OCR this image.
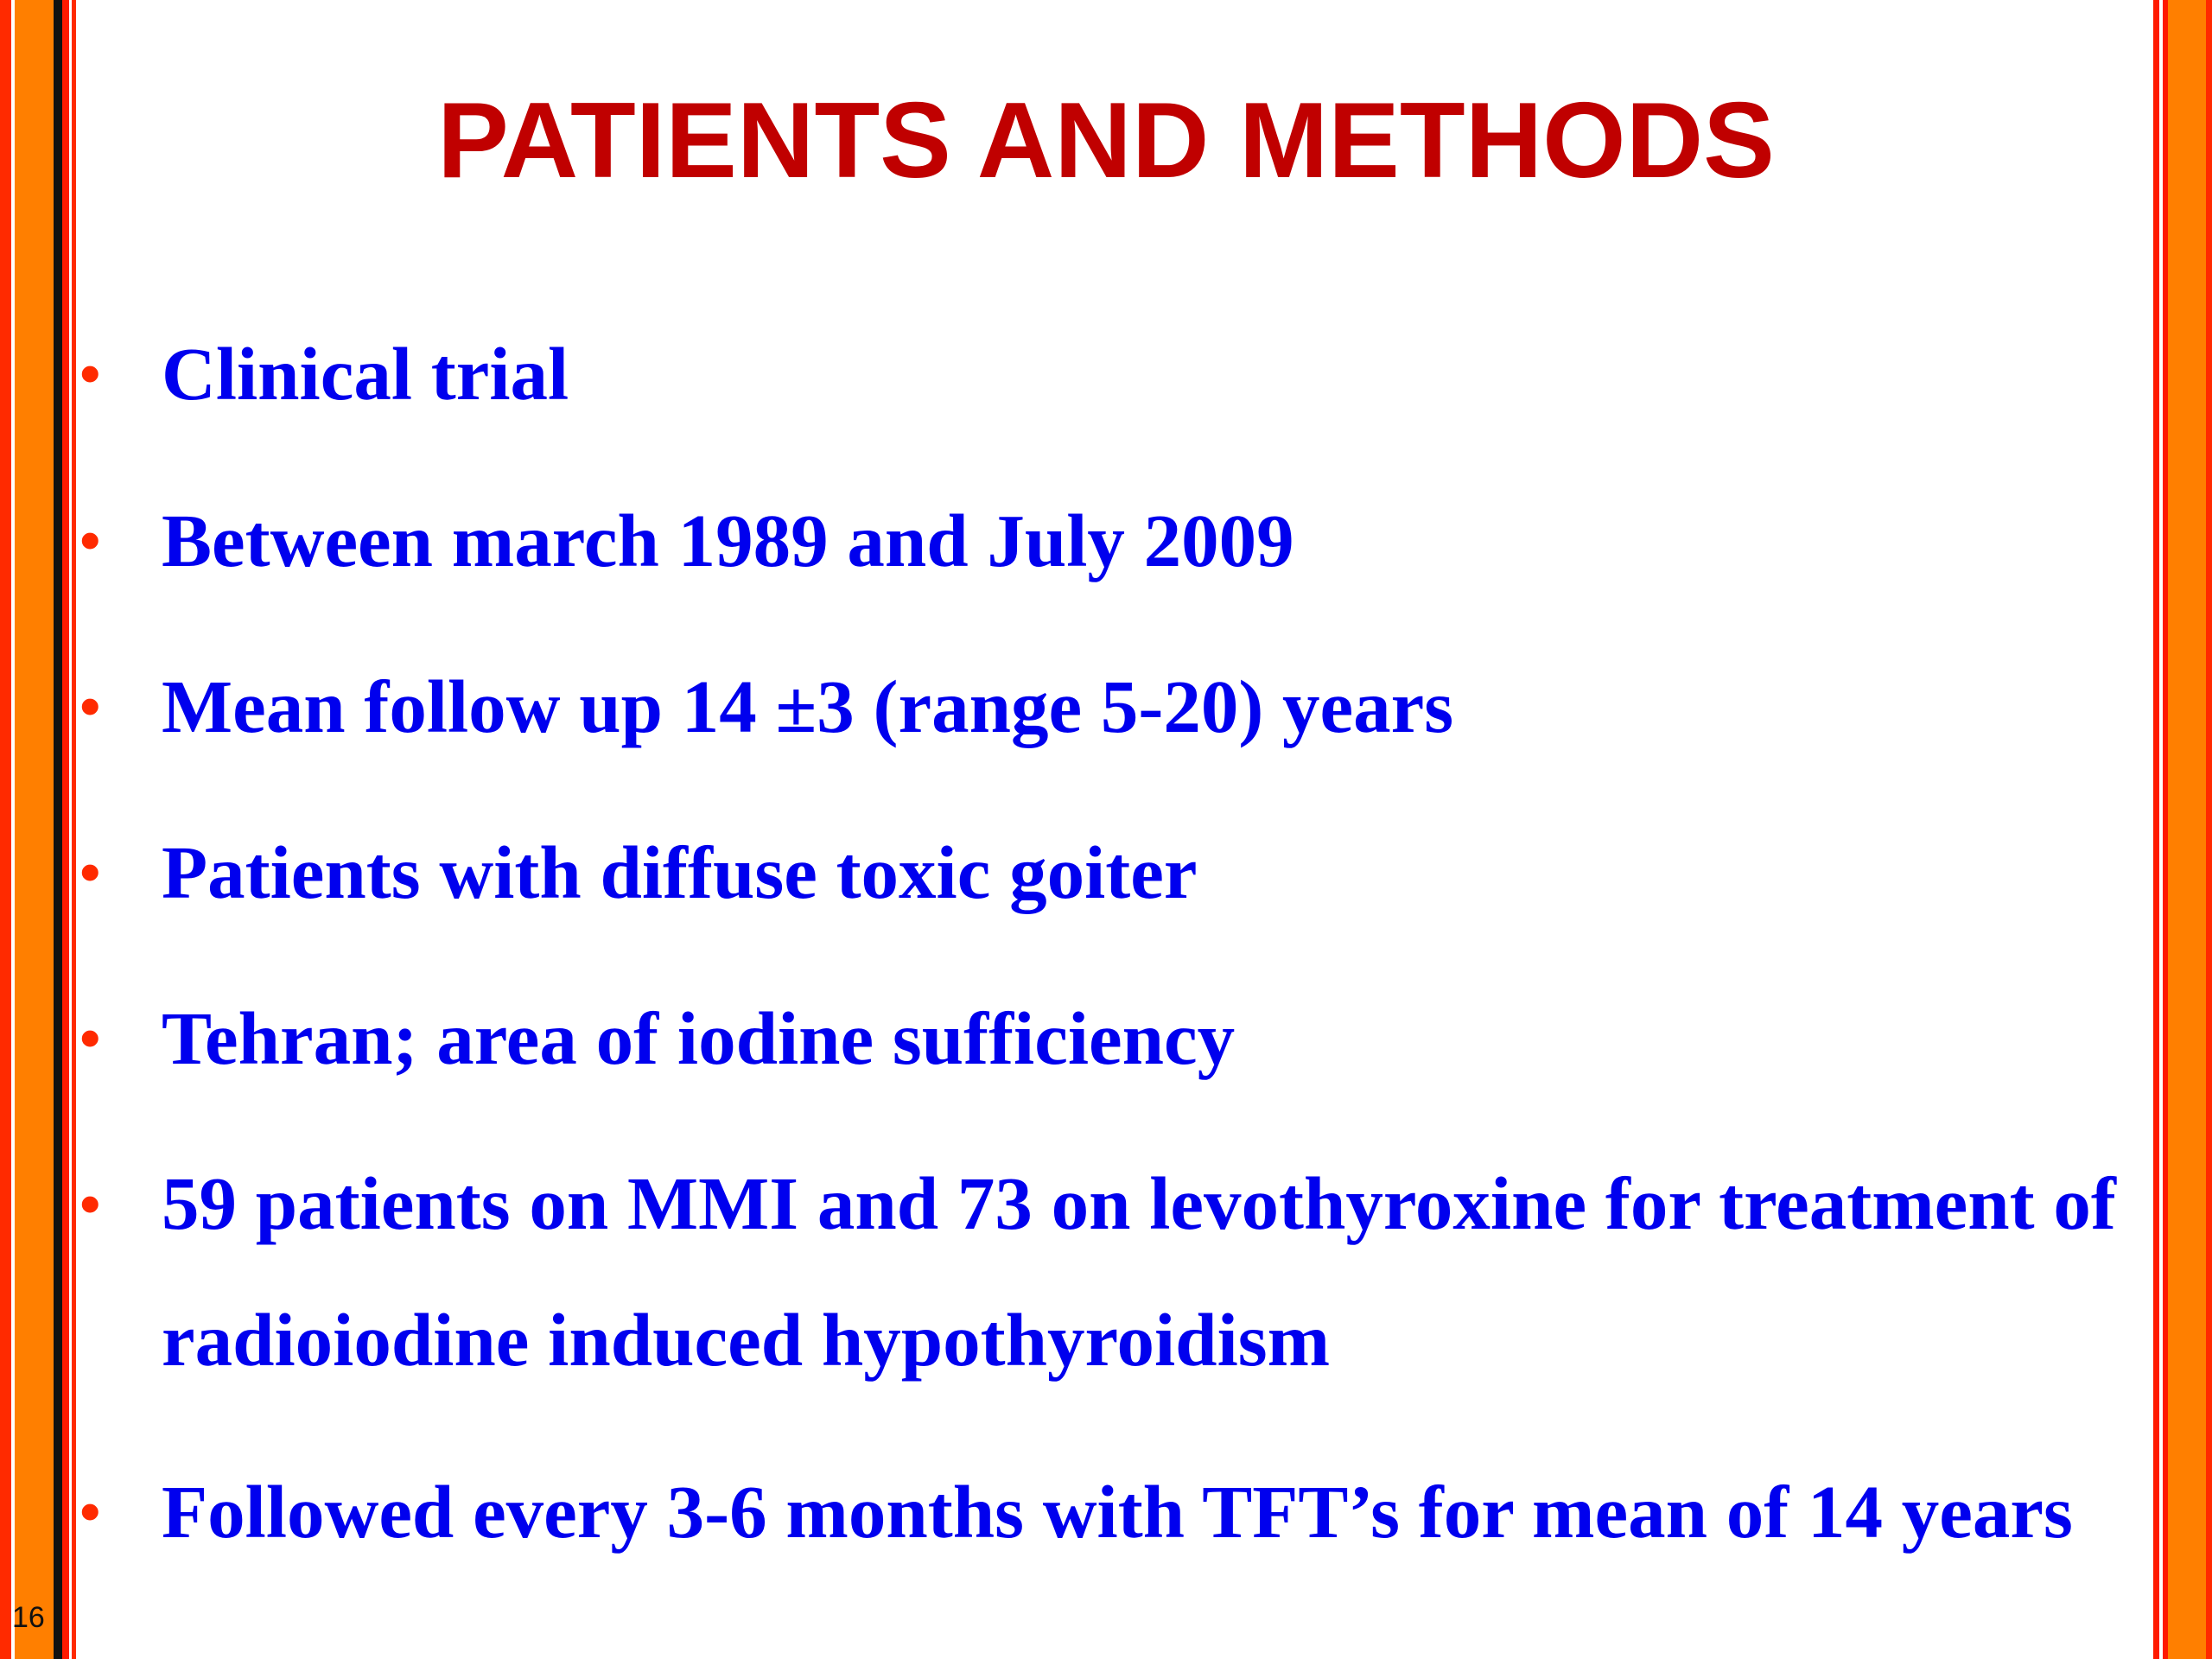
PATIENTS AND METHODS
• Clinical trial
• Between march 1989 and July 2009
• Mean follow up 14 ±3 (range 5-20) years
• Patients with diffuse toxic goiter
• Tehran; area of iodine sufficiency
• 59 patients on MMI and 73 on levothyroxine for treatment of
radioiodine induced hypothyroidism
• Followed every 3-6 months with TFT’s for mean of 14 years
16
